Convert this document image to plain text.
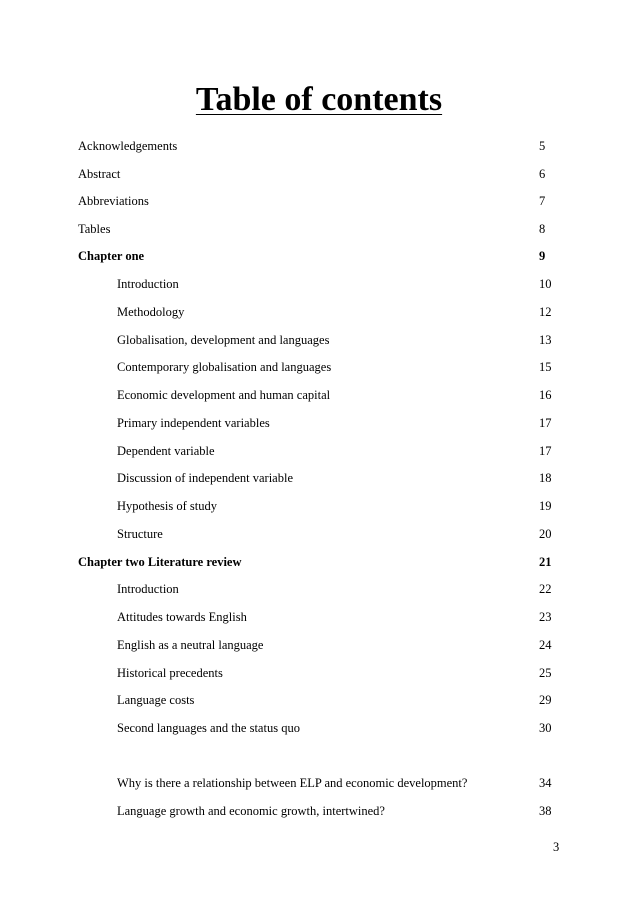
Table of contents
Acknowledgements	5
Abstract	6
Abbreviations	7
Tables	8
Chapter one	9
Introduction	10
Methodology	12
Globalisation, development and languages	13
Contemporary globalisation and languages	15
Economic development and human capital	16
Primary independent variables	17
Dependent variable	17
Discussion of independent variable	18
Hypothesis of study	19
Structure	20
Chapter two Literature review	21
Introduction	22
Attitudes towards English	23
English as a neutral language	24
Historical precedents	25
Language costs	29
Second languages and the status quo	30
Why is there a relationship between ELP and economic development?	34
Language growth and economic growth, intertwined?	38
3
